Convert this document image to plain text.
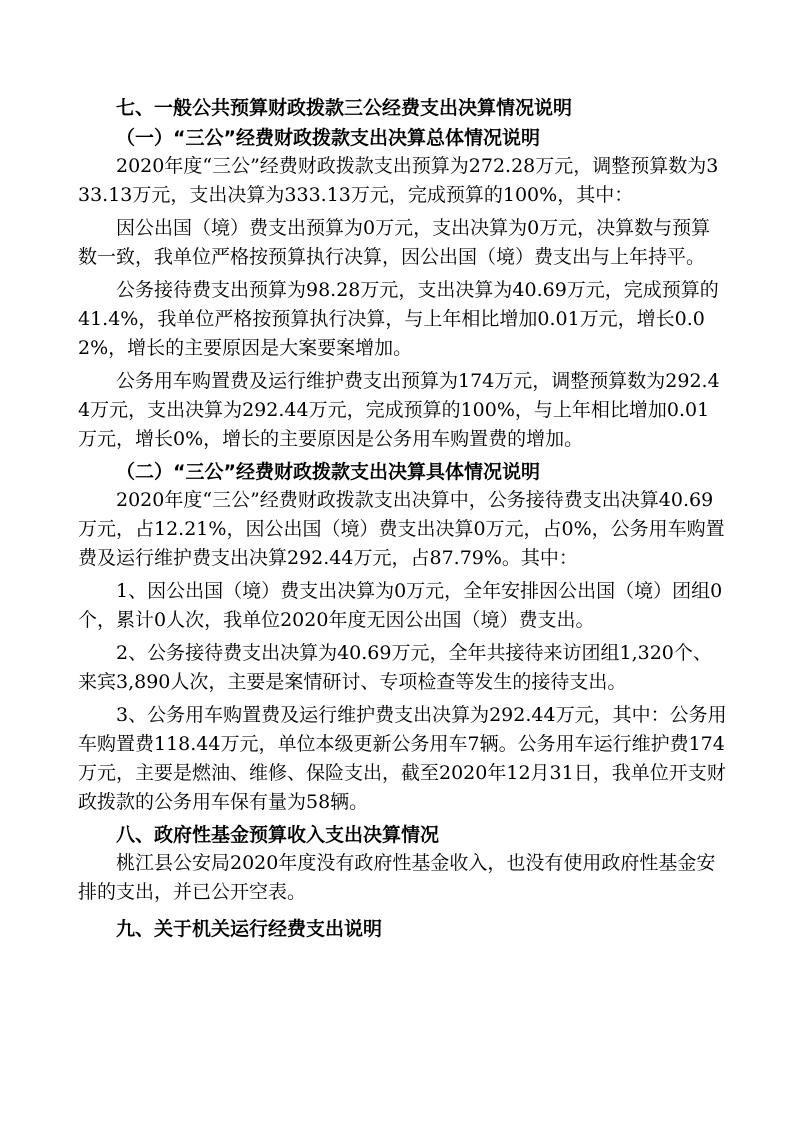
七、一般公共预算财政拨款三公经费支出决算情况说明
（一）“三公”经费财政拨款支出决算总体情况说明

2020年度“三公”经费财政拨款支出预算为272.28万元，调整预算数为333.13万元，支出决算为333.13万元，完成预算的100%，其中：

因公出国（境）费支出预算为0万元，支出决算为0万元，决算数与预算数一致，我单位严格按预算执行决算，因公出国（境）费支出与上年持平。

公务接待费支出预算为98.28万元，支出决算为40.69万元，完成预算的41.4%，我单位严格按预算执行决算，与上年相比增加0.01万元，增长0.02%，增长的主要原因是大案要案增加。

公务用车购置费及运行维护费支出预算为174万元，调整预算数为292.44万元，支出决算为292.44万元，完成预算的100%，与上年相比增加0.01万元，增长0%，增长的主要原因是公务用车购置费的增加。

（二）“三公”经费财政拨款支出决算具体情况说明

2020年度“三公”经费财政拨款支出决算中，公务接待费支出决算40.69万元，占12.21%，因公出国（境）费支出决算0万元，占0%，公务用车购置费及运行维护费支出决算292.44万元，占87.79%。其中：

1、因公出国（境）费支出决算为0万元，全年安排因公出国（境）团组0个，累计0人次，我单位2020年度无因公出国（境）费支出。

2、公务接待费支出决算为40.69万元，全年共接待来访团组1,320个、来宾3,890人次，主要是案情研讨、专项检查等发生的接待支出。

3、公务用车购置费及运行维护费支出决算为292.44万元，其中：公务用车购置费118.44万元，单位本级更新公务用车7辆。公务用车运行维护费174万元，主要是燃油、维修、保险支出，截至2020年12月31日，我单位开支财政拨款的公务用车保有量为58辆。

八、政府性基金预算收入支出决算情况

桃江县公安局2020年度没有政府性基金收入，也没有使用政府性基金安排的支出，并已公开空表。

九、关于机关运行经费支出说明
